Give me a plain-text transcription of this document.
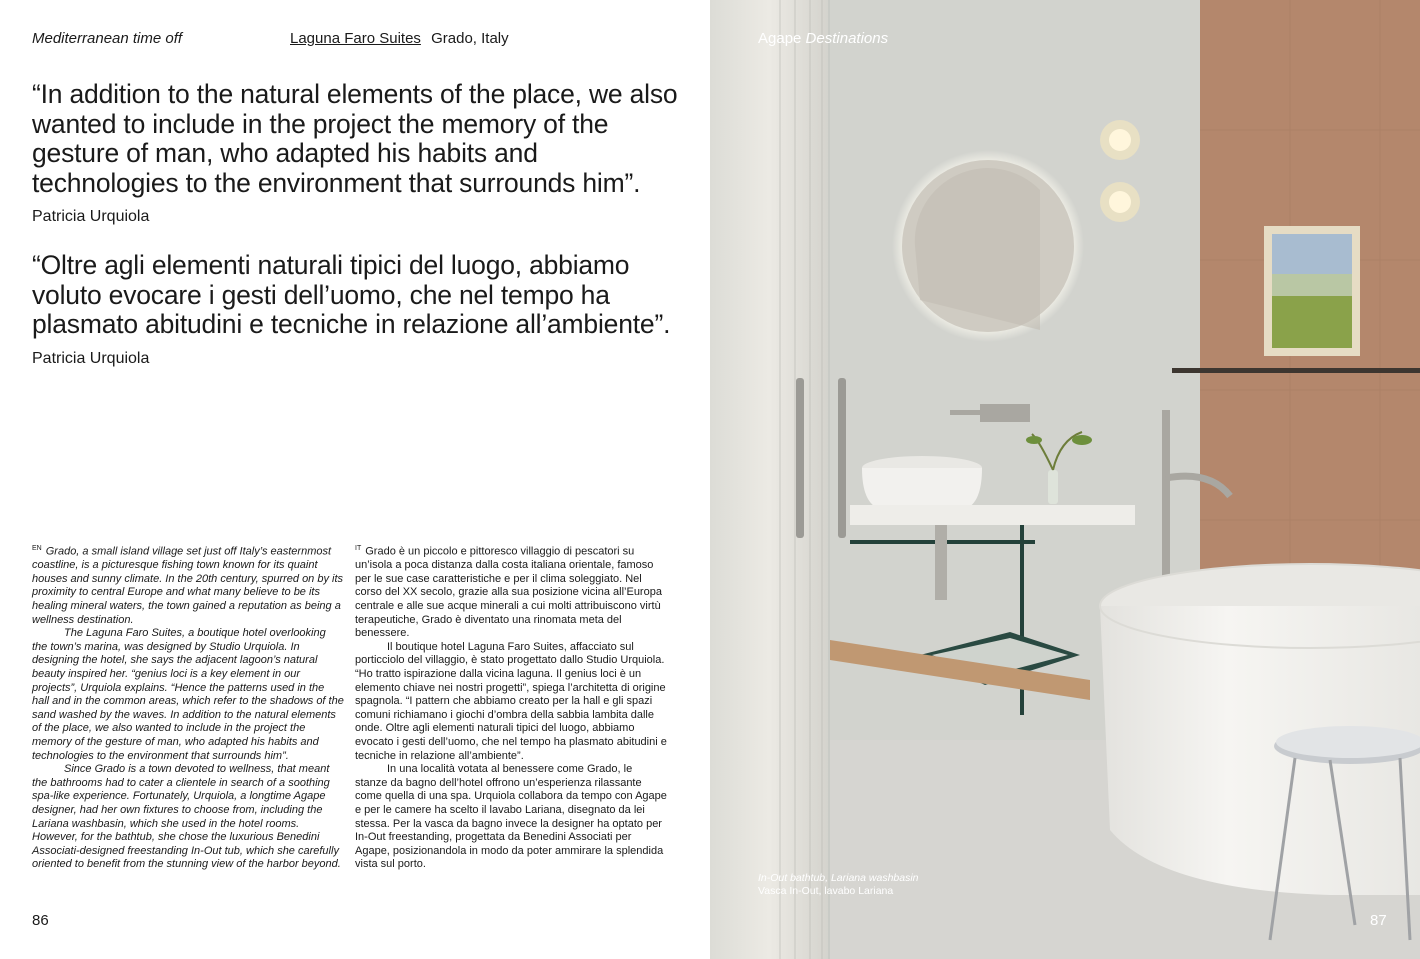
Mediterranean time off	Laguna Faro Suites Grado, Italy
“In addition to the natural elements of the place, we also wanted to include in the project the memory of the gesture of man, who adapted his habits and technologies to the environment that surrounds him”. Patricia Urquiola
“Oltre agli elementi naturali tipici del luogo, abbiamo voluto evocare i gesti dell’uomo, che nel tempo ha plasmato abitudini e tecniche in relazione all’ambiente”. Patricia Urquiola

$^{EN}$ Grado, a small island village set just off Italy’s easternmost coastline, is a picturesque fishing town known for its quaint houses and sunny climate. In the 20th century, spurred on by its proximity to central Europe and what many believe to be its healing mineral waters, the town gained a reputation as being a wellness destination.

The Laguna Faro Suites, a boutique hotel overlooking the town’s marina, was designed by Studio Urquiola. In designing the hotel, she says the adjacent lagoon’s natural beauty inspired her. “genius loci is a key element in our projects”, Urquiola explains. “Hence the patterns used in the hall and in the common areas, which refer to the shadows of the sand washed by the waves. In addition to the natural elements of the place, we also wanted to include in the project the memory of the gesture of man, who adapted his habits and technologies to the environment that surrounds him”.

Since Grado is a town devoted to wellness, that meant the bathrooms had to cater a clientele in search of a soothing spa-like experience. Fortunately, Urquiola, a longtime Agape designer, had her own fixtures to choose from, including the Lariana washbasin, which she used in the hotel rooms. However, for the bathtub, she chose the luxurious Benedini Associati-designed freestanding In-Out tub, which she carefully oriented to benefit from the stunning view of the harbor beyond.

$^{IT}$ Grado è un piccolo e pittoresco villaggio di pescatori su un’isola a poca distanza dalla costa italiana orientale, famoso per le sue case caratteristiche e per il clima soleggiato. Nel corso del XX secolo, grazie alla sua posizione vicina all’Europa centrale e alle sue acque minerali a cui molti attribuiscono virtù terapeutiche, Grado è diventato una rinomata meta del benessere.

Il boutique hotel Laguna Faro Suites, affacciato sul porticciolo del villaggio, è stato progettato dallo Studio Urquiola. “Ho tratto ispirazione dalla vicina laguna. Il genius loci è un elemento chiave nei nostri progetti”, spiega l’architetta di origine spagnola. “I pattern che abbiamo creato per la hall e gli spazi comuni richiamano i giochi d’ombra della sabbia lambita dalle onde. Oltre agli elementi naturali tipici del luogo, abbiamo evocato i gesti dell’uomo, che nel tempo ha plasmato abitudini e tecniche in relazione all’ambiente”.

In una località votata al benessere come Grado, le stanze da bagno dell’hotel offrono un’esperienza rilassante come quella di una spa. Urquiola collabora da tempo con Agape e per le camere ha scelto il lavabo Lariana, disegnato da lei stessa. Per la vasca da bagno invece la designer ha optato per In-Out freestanding, progettata da Benedini Associati per Agape, posizionandola in modo da poter ammirare la splendida vista sul porto.

86
Agape Destinations
In-Out bathtub, Lariana washbasin
Vasca In-Out, lavabo Lariana
87
